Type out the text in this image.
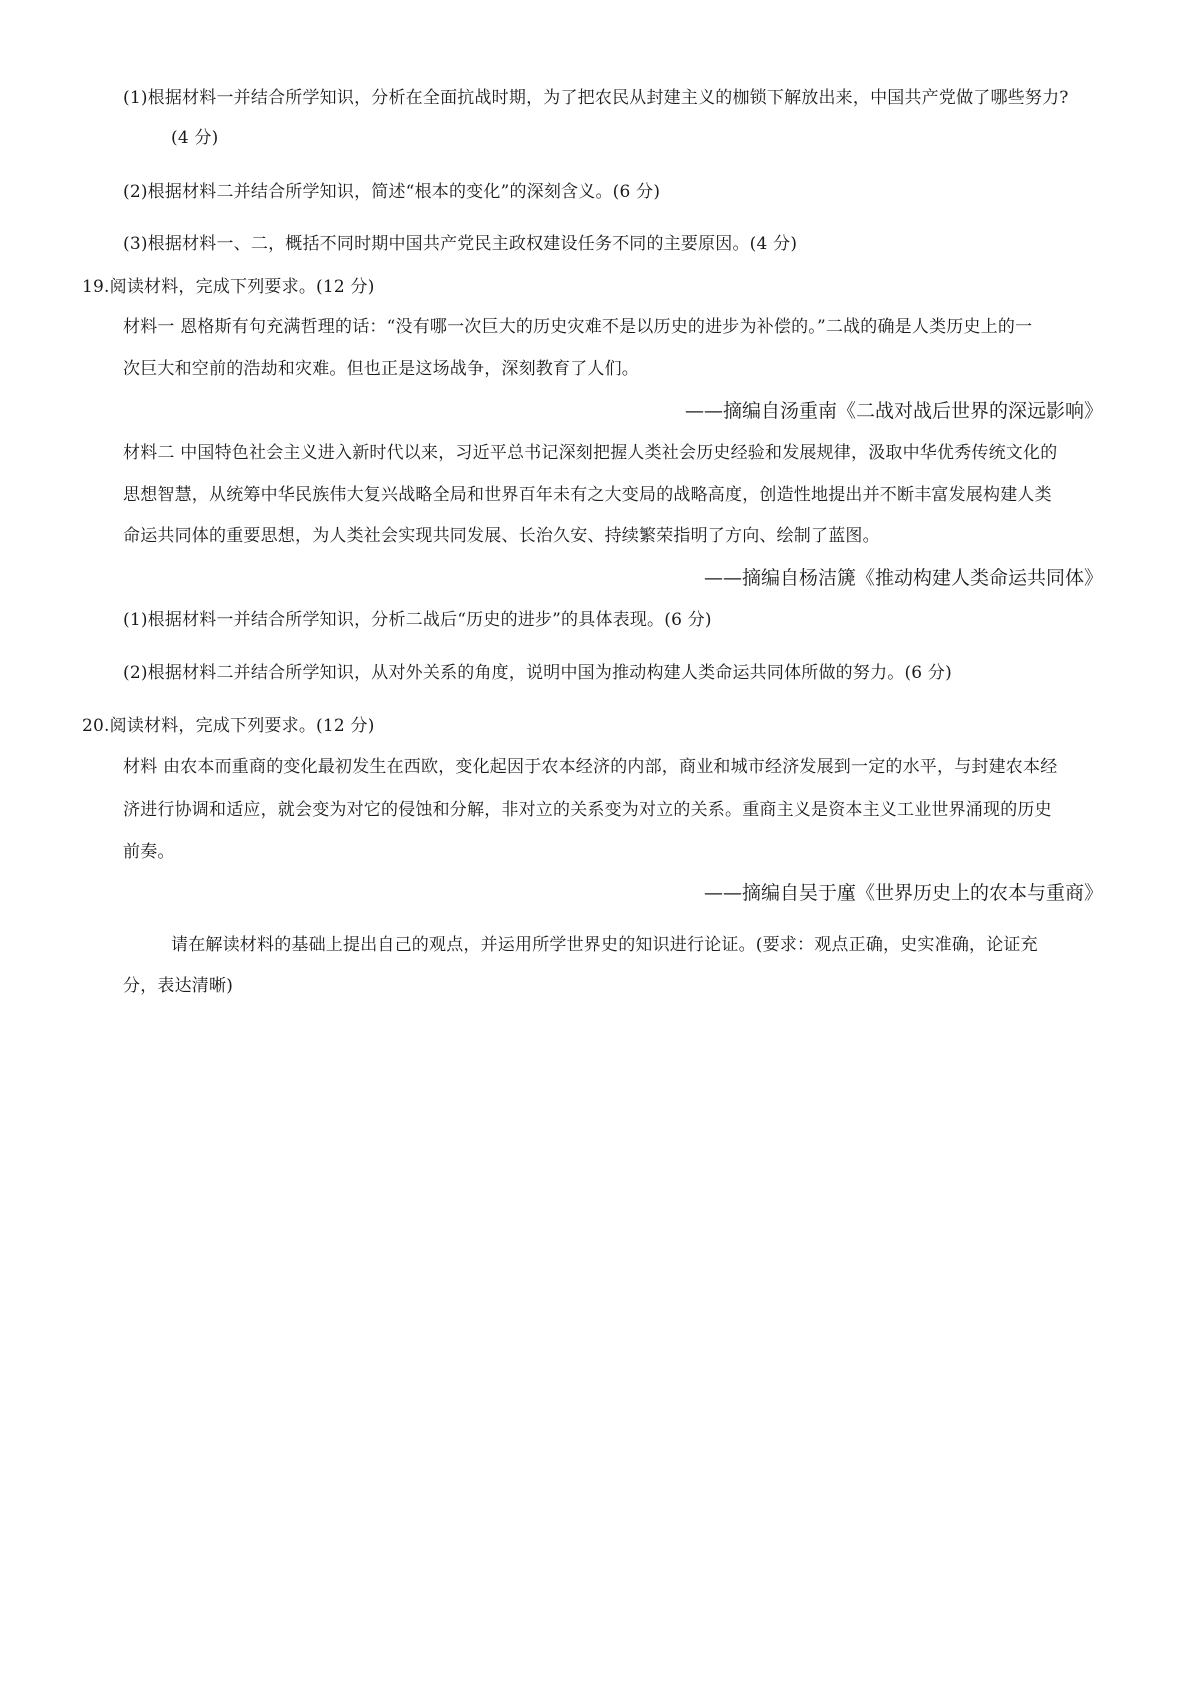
(1)根据材料一并结合所学知识，分析在全面抗战时期，为了把农民从封建主义的枷锁下解放出来，中国共产党做了哪些努力?
(4 分)
(2)根据材料二并结合所学知识，简述“根本的变化”的深刻含义。(6 分)
(3)根据材料一、二，概括不同时期中国共产党民主政权建设任务不同的主要原因。(4 分)
19.阅读材料，完成下列要求。(12 分)
材料一 恩格斯有句充满哲理的话：“没有哪一次巨大的历史灾难不是以历史的进步为补偿的。”二战的确是人类历史上的一
次巨大和空前的浩劫和灾难。但也正是这场战争，深刻教育了人们。
——摘编自汤重南《二战对战后世界的深远影响》
材料二 中国特色社会主义进入新时代以来，习近平总书记深刻把握人类社会历史经验和发展规律，汲取中华优秀传统文化的
思想智慧，从统筹中华民族伟大复兴战略全局和世界百年未有之大变局的战略高度，创造性地提出并不断丰富发展构建人类
命运共同体的重要思想，为人类社会实现共同发展、长治久安、持续繁荣指明了方向、绘制了蓝图。
——摘编自杨洁篪《推动构建人类命运共同体》
(1)根据材料一并结合所学知识，分析二战后“历史的进步”的具体表现。(6 分)
(2)根据材料二并结合所学知识，从对外关系的角度，说明中国为推动构建人类命运共同体所做的努力。(6 分)
20.阅读材料，完成下列要求。(12 分)
材料 由农本而重商的变化最初发生在西欧，变化起因于农本经济的内部，商业和城市经济发展到一定的水平，与封建农本经
济进行协调和适应，就会变为对它的侵蚀和分解，非对立的关系变为对立的关系。重商主义是资本主义工业世界涌现的历史
前奏。
——摘编自吴于廑《世界历史上的农本与重商》
请在解读材料的基础上提出自己的观点，并运用所学世界史的知识进行论证。(要求：观点正确，史实准确，论证充
分，表达清晰)
